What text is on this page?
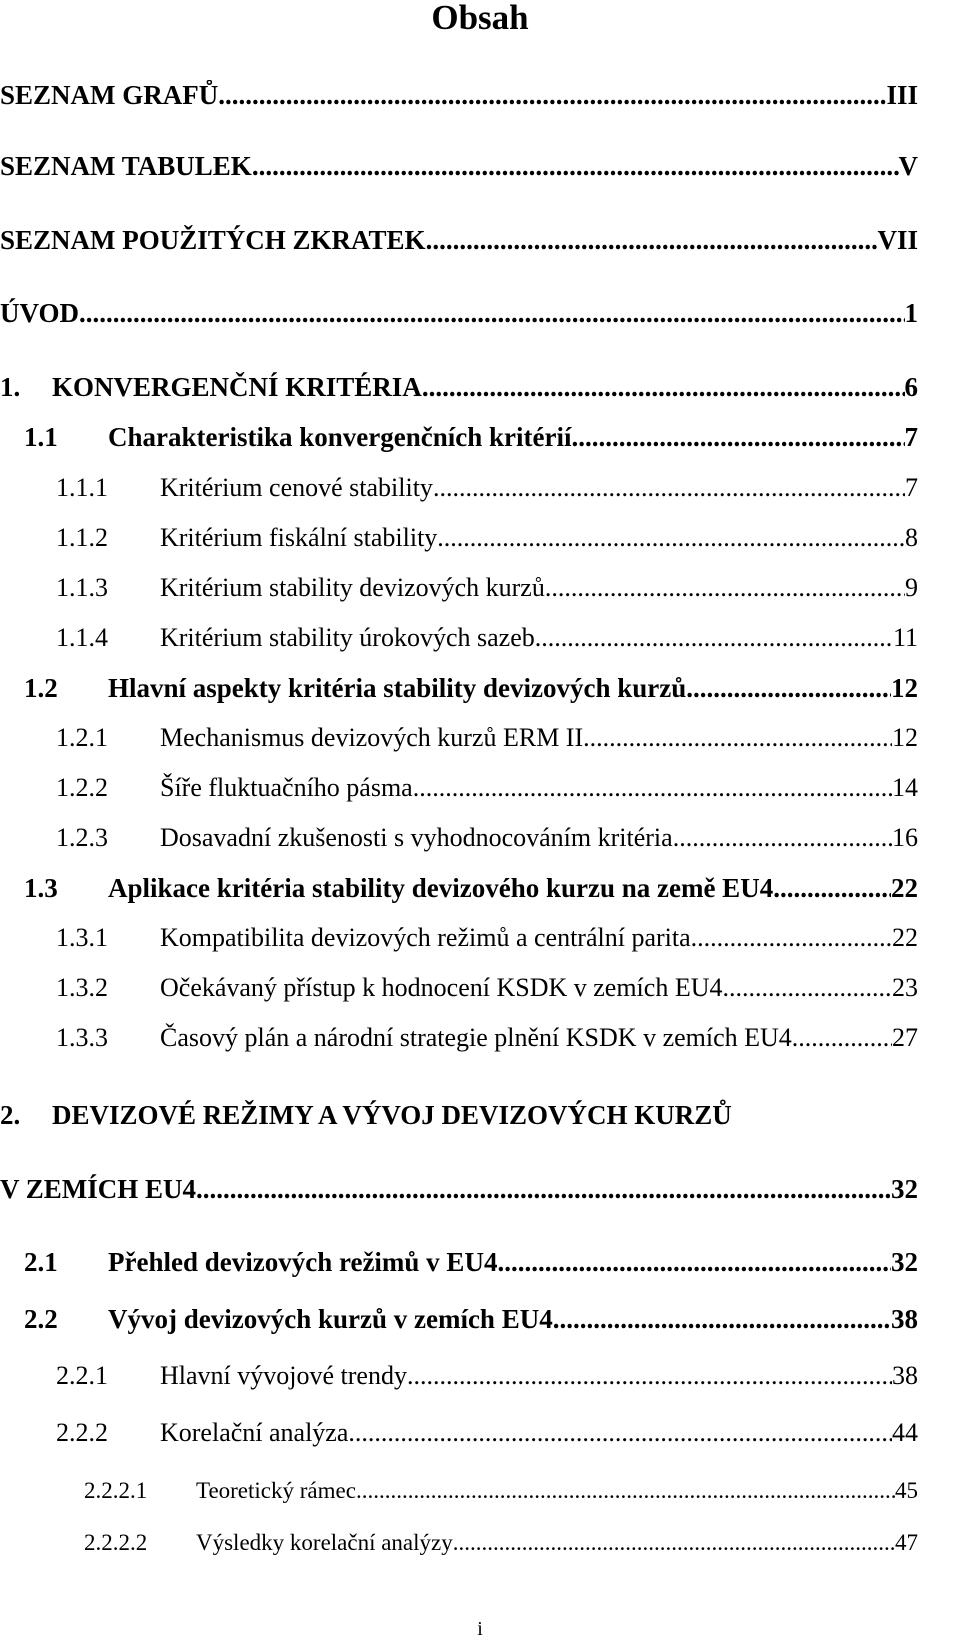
Obsah
SEZNAM GRAFŮ .....	III
SEZNAM TABULEK .....	V
SEZNAM POUŽITÝCH ZKRATEK .....	VII
ÚVOD .....	1
1.	KONVERGENČNÍ KRITÉRIA .....	6
1.1	Charakteristika konvergenčních kritérií .....	7
1.1.1	Kritérium cenové stability .....	7
1.1.2	Kritérium fiskální stability .....	8
1.1.3	Kritérium stability devizových kurzů .....	9
1.1.4	Kritérium stability úrokových sazeb .....	11
1.2	Hlavní aspekty kritéria stability devizových kurzů .....	12
1.2.1	Mechanismus devizových kurzů ERM II .....	12
1.2.2	Šíře fluktuačního pásma .....	14
1.2.3	Dosavadní zkušenosti s vyhodnocováním kritéria .....	16
1.3	Aplikace kritéria stability devizového kurzu na země EU4 .....	22
1.3.1	Kompatibilita devizových režimů a centrální parita .....	22
1.3.2	Očekávaný přístup k hodnocení KSDK v zemích EU4 .....	23
1.3.3	Časový plán a národní strategie plnění KSDK v zemích EU4 .....	27
2. DEVIZOVÉ REŽIMY A VÝVOJ DEVIZOVÝCH KURZŮ
V ZEMÍCH EU4 .....	32
2.1	Přehled devizových režimů v EU4 .....	32
2.2	Vývoj devizových kurzů v zemích EU4 .....	38
2.2.1	Hlavní vývojové trendy .....	38
2.2.2	Korelační analýza .....	44
2.2.2.1	Teoretický rámec .....	45
2.2.2.2	Výsledky korelační analýzy .....	47
i
